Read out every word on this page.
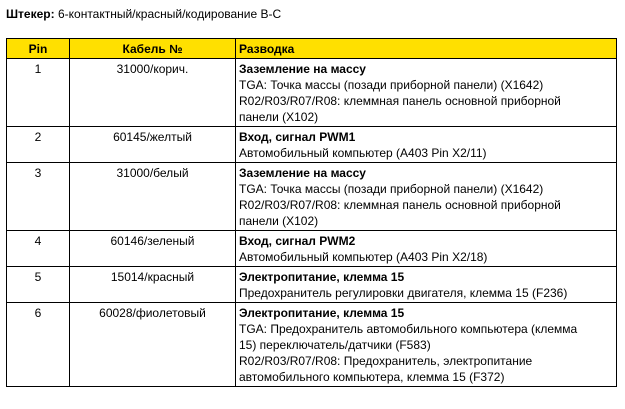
Штекер: 6-контактный/красный/кодирование B-C
Pin	Кабель №	Разводка
1	31000/корич.	Заземление на массу
TGA: Точка массы (позади приборной панели) (X1642)
R02/R03/R07/R08: клеммная панель основной приборной
панели (X102)

2	60145/желтый	Вход, сигнал PWM1
Автомобильный компьютер (A403 Pin X2/11)

3	31000/белый	Заземление на массу
TGA: Точка массы (позади приборной панели) (X1642)
R02/R03/R07/R08: клеммная панель основной приборной
панели (X102)

4	60146/зеленый	Вход, сигнал PWM2
Автомобильный компьютер (A403 Pin X2/18)

5	15014/красный	Электропитание, клемма 15
Предохранитель регулировки двигателя, клемма 15 (F236)

6	60028/фиолетовый	Электропитание, клемма 15
TGA: Предохранитель автомобильного компьютера (клемма
15) переключатель/датчики (F583)
R02/R03/R07/R08: Предохранитель, электропитание
автомобильного компьютера, клемма 15 (F372)
